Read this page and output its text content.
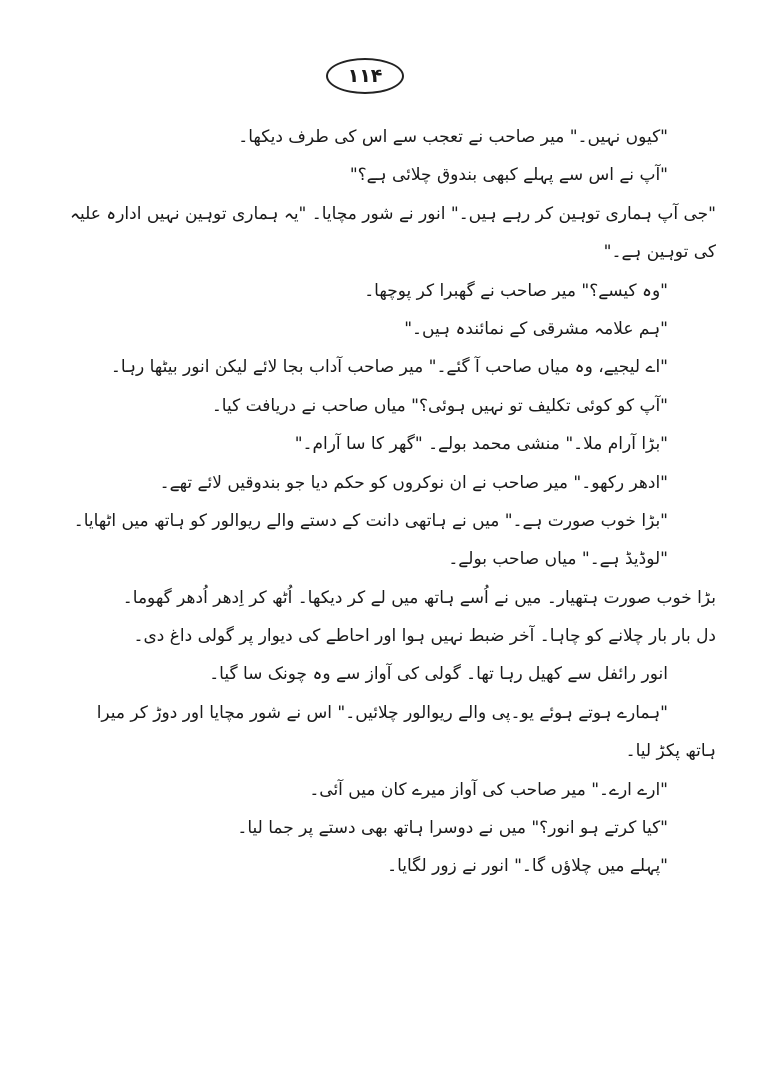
۱۱۴
"کیوں نہیں۔" میر صاحب نے تعجب سے اس کی طرف دیکھا۔
"آپ نے اس سے پہلے کبھی بندوق چلائی ہے؟"
"جی آپ ہماری توہین کر رہے ہیں۔" انور نے شور مچایا۔ "یہ ہماری توہین نہیں ادارہ علیہ
کی توہین ہے۔"
"وہ کیسے؟" میر صاحب نے گھبرا کر پوچھا۔
"ہم علامہ مشرقی کے نمائندہ ہیں۔"
"اے لیجیے، وہ میاں صاحب آ گئے۔" میر صاحب آداب بجا لائے لیکن انور بیٹھا رہا۔
"آپ کو کوئی تکلیف تو نہیں ہوئی؟" میاں صاحب نے دریافت کیا۔
"بڑا آرام ملا۔" منشی محمد بولے۔ "گھر کا سا آرام۔"
"ادھر رکھو۔" میر صاحب نے ان نوکروں کو حکم دیا جو بندوقیں لائے تھے۔
"بڑا خوب صورت ہے۔" میں نے ہاتھی دانت کے دستے والے ریوالور کو ہاتھ میں اٹھایا۔
"لوڈیڈ ہے۔" میاں صاحب بولے۔
بڑا خوب صورت ہتھیار۔ میں نے اُسے ہاتھ میں لے کر دیکھا۔ اُٹھ کر اِدھر اُدھر گھوما۔
دل بار بار چلانے کو چاہا۔ آخر ضبط نہیں ہوا اور احاطے کی دیوار پر گولی داغ دی۔
انور رائفل سے کھیل رہا تھا۔ گولی کی آواز سے وہ چونک سا گیا۔
"ہمارے ہوتے ہوئے یو۔پی والے ریوالور چلائیں۔" اس نے شور مچایا اور دوڑ کر میرا
ہاتھ پکڑ لیا۔
"ارے ارے۔" میر صاحب کی آواز میرے کان میں آئی۔
"کیا کرتے ہو انور؟" میں نے دوسرا ہاتھ بھی دستے پر جما لیا۔
"پہلے میں چلاؤں گا۔" انور نے زور لگایا۔
